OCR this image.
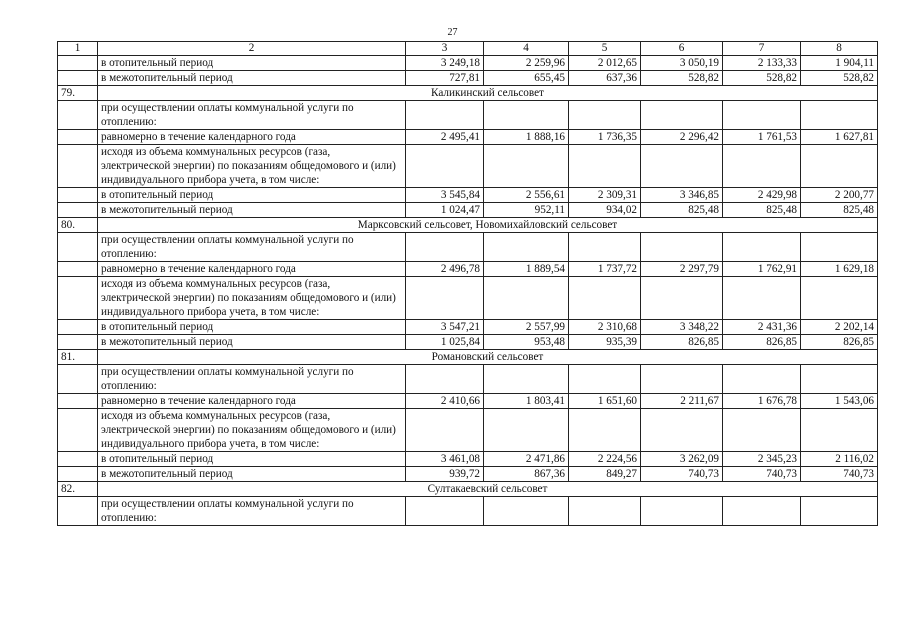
27
1	2	3	4	5	6	7	8
	в отопительный период	3 249,18	2 259,96	2 012,65	3 050,19	2 133,33	1 904,11
	в межотопительный период	727,81	655,45	637,36	528,82	528,82	528,82
79.	Каликинский сельсовет						
	при осуществлении оплаты коммунальной услуги по отоплению:						
	равномерно в течение календарного года	2 495,41	1 888,16	1 736,35	2 296,42	1 761,53	1 627,81
	исходя из объема коммунальных ресурсов (газа, электрической энергии) по показаниям общедомового и (или) индивидуального прибора учета, в том числе:						
	в отопительный период	3 545,84	2 556,61	2 309,31	3 346,85	2 429,98	2 200,77
	в межотопительный период	1 024,47	952,11	934,02	825,48	825,48	825,48
80.	Марксовский сельсовет, Новомихайловский сельсовет						
	при осуществлении оплаты коммунальной услуги по отоплению:						
	равномерно в течение календарного года	2 496,78	1 889,54	1 737,72	2 297,79	1 762,91	1 629,18
	исходя из объема коммунальных ресурсов (газа, электрической энергии) по показаниям общедомового и (или) индивидуального прибора учета, в том числе:						
	в отопительный период	3 547,21	2 557,99	2 310,68	3 348,22	2 431,36	2 202,14
	в межотопительный период	1 025,84	953,48	935,39	826,85	826,85	826,85
81.	Романовский сельсовет						
	при осуществлении оплаты коммунальной услуги по отоплению:						
	равномерно в течение календарного года	2 410,66	1 803,41	1 651,60	2 211,67	1 676,78	1 543,06
	исходя из объема коммунальных ресурсов (газа, электрической энергии) по показаниям общедомового и (или) индивидуального прибора учета, в том числе:						
	в отопительный период	3 461,08	2 471,86	2 224,56	3 262,09	2 345,23	2 116,02
	в межотопительный период	939,72	867,36	849,27	740,73	740,73	740,73
82.	Султакаевский сельсовет						
	при осуществлении оплаты коммунальной услуги по отоплению:						
